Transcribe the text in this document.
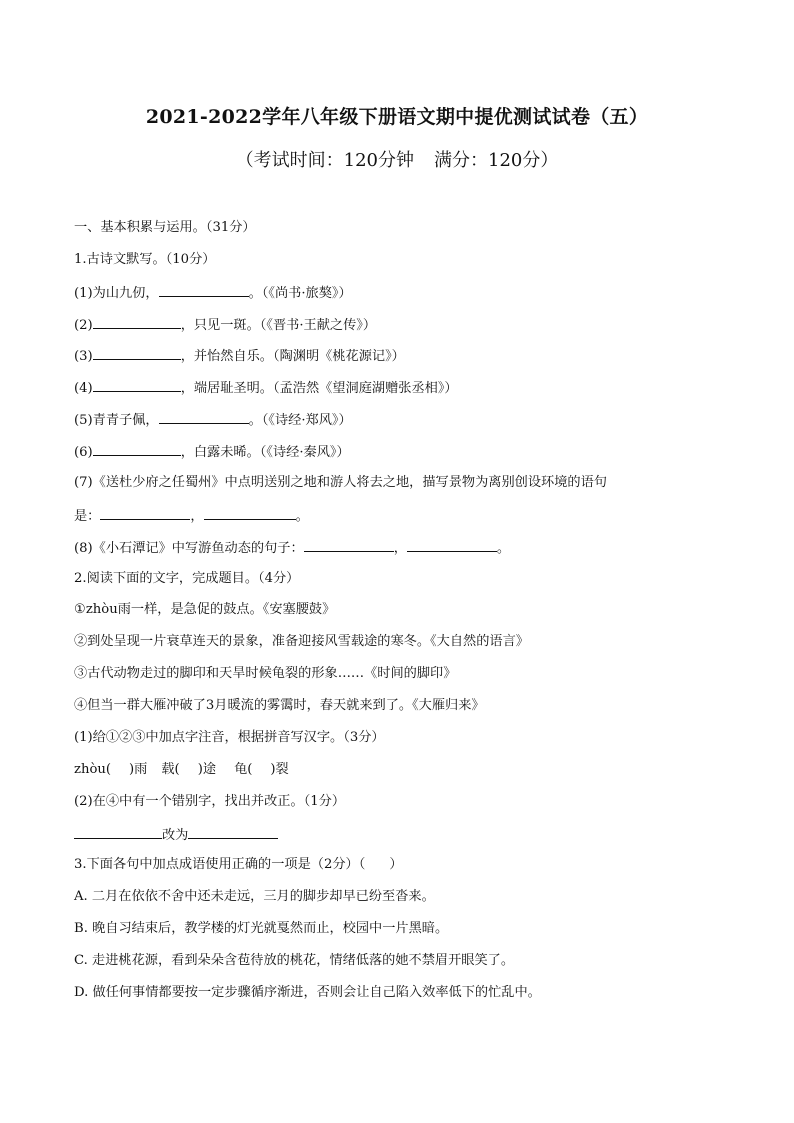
2021-2022学年八年级下册语文期中提优测试试卷（五）
（考试时间：120分钟 满分：120分）
一、基本积累与运用。（31分）
1.古诗文默写。（10分）
(1)为山九仞，	。（《尚书·旅獒》）
(2)	，只见一斑。（《晋书·王献之传》）
(3)	，并怡然自乐。（陶渊明《桃花源记》）
(4)	，端居耻圣明。（孟浩然《望洞庭湖赠张丞相》）
(5)青青子佩，	。（《诗经·郑风》）
(6)	，白露未晞。（《诗经·秦风》）
(7)《送杜少府之任蜀州》中点明送别之地和游人将去之地，描写景物为离别创设环境的语句
是：	，	。
(8)《小石潭记》中写游鱼动态的句子：	，	。
2.阅读下面的文字，完成题目。（4分）
①zhòu雨一样，是急促的鼓点。《安塞腰鼓》
②到处呈现一片衰草连天的景象，准备迎接风雪载途的寒冬。《大自然的语言》
③古代动物走过的脚印和天旱时候龟裂的形象……《时间的脚印》
④但当一群大雁冲破了3月暖流的雾霭时，春天就来到了。《大雁归来》
(1)给①②③中加点字注音，根据拼音写汉字。（3分）
zhòu( )雨 载( )途 龟( )裂
(2)在④中有一个错别字，找出并改正。（1分）
改为
3.下面各句中加点成语使用正确的一项是（2分）（ ）
A. 二月在依依不舍中还未走远，三月的脚步却早已纷至沓来。
B. 晚自习结束后，教学楼的灯光就戛然而止，校园中一片黑暗。
C. 走进桃花源，看到朵朵含苞待放的桃花，情绪低落的她不禁眉开眼笑了。
D. 做任何事情都要按一定步骤循序渐进，否则会让自己陷入效率低下的忙乱中。
